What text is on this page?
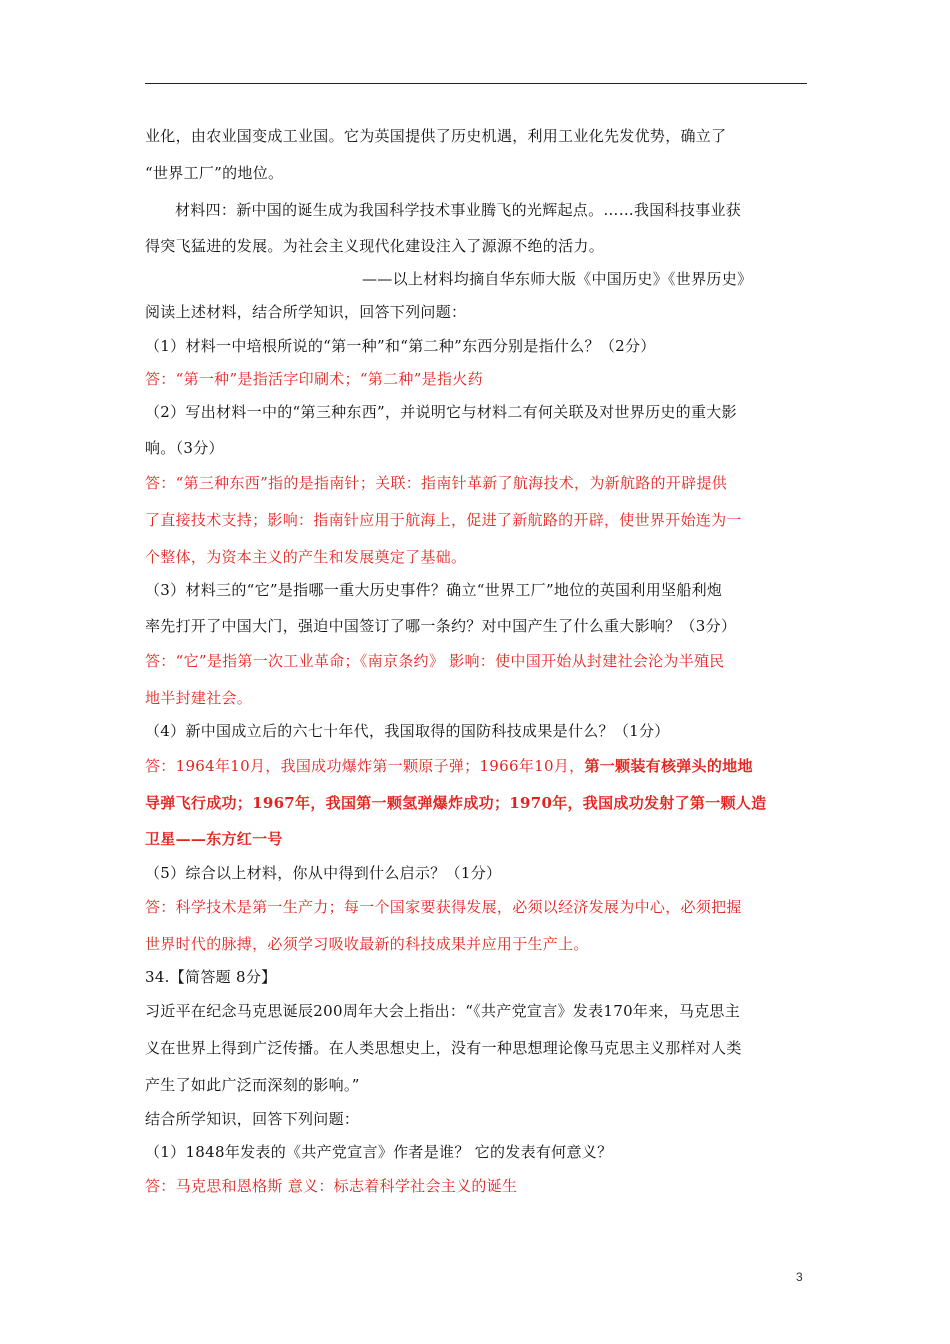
业化，由农业国变成工业国。它为英国提供了历史机遇，利用工业化先发优势，确立了
“世界工厂”的地位。
材料四：新中国的诞生成为我国科学技术事业腾飞的光辉起点。……我国科技事业获
得突飞猛进的发展。为社会主义现代化建设注入了源源不绝的活力。
——以上材料均摘自华东师大版《中国历史》《世界历史》
阅读上述材料，结合所学知识，回答下列问题：
（1）材料一中培根所说的“第一种”和“第二种”东西分别是指什么？（2分）
答：“第一种”是指活字印刷术；“第二种”是指火药
（2）写出材料一中的“第三种东西”，并说明它与材料二有何关联及对世界历史的重大影
响。（3分）
答：“第三种东西”指的是指南针；关联：指南针革新了航海技术，为新航路的开辟提供
了直接技术支持；影响：指南针应用于航海上，促进了新航路的开辟，使世界开始连为一
个整体，为资本主义的产生和发展奠定了基础。
（3）材料三的“它”是指哪一重大历史事件？确立“世界工厂”地位的英国利用坚船利炮
率先打开了中国大门，强迫中国签订了哪一条约？对中国产生了什么重大影响？（3分）
答：“它”是指第一次工业革命；《南京条约》 影响：使中国开始从封建社会沦为半殖民
地半封建社会。
（4）新中国成立后的六七十年代，我国取得的国防科技成果是什么？（1分）
答：1964年10月，我国成功爆炸第一颗原子弹；1966年10月，第一颗装有核弹头的地地
导弹飞行成功；1967年，我国第一颗氢弹爆炸成功；1970年，我国成功发射了第一颗人造
卫星——东方红一号
（5）综合以上材料，你从中得到什么启示？（1分）
答：科学技术是第一生产力；每一个国家要获得发展，必须以经济发展为中心，必须把握
世界时代的脉搏，必须学习吸收最新的科技成果并应用于生产上。
34.【简答题 8分】
习近平在纪念马克思诞辰200周年大会上指出：“《共产党宣言》发表170年来，马克思主
义在世界上得到广泛传播。在人类思想史上，没有一种思想理论像马克思主义那样对人类
产生了如此广泛而深刻的影响。”
结合所学知识，回答下列问题：
（1）1848年发表的《共产党宣言》作者是谁？ 它的发表有何意义？
答：马克思和恩格斯 意义：标志着科学社会主义的诞生
3
